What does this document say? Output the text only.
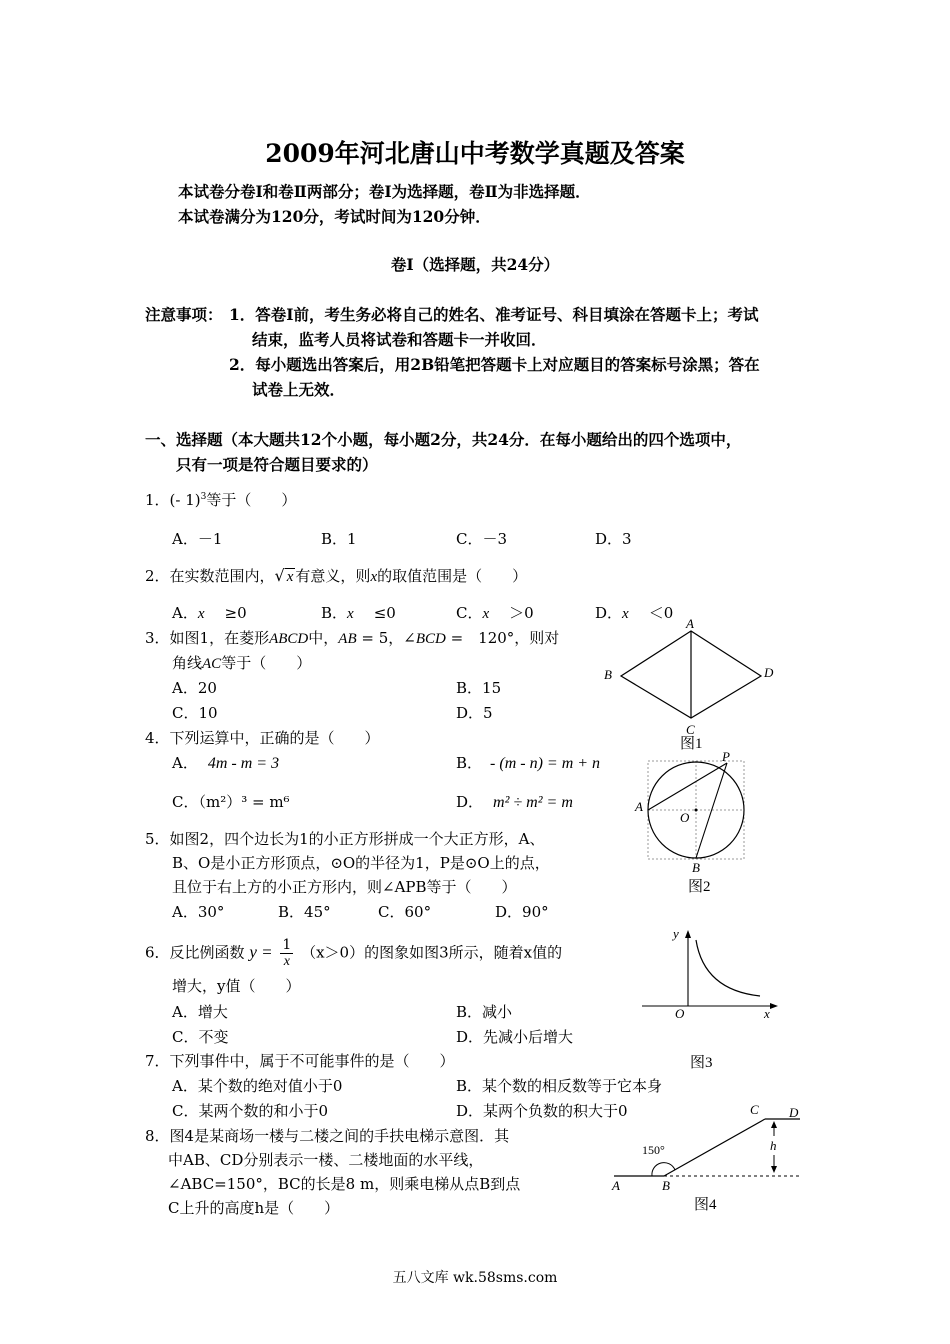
2009年河北唐山中考数学真题及答案
本试卷分卷Ⅰ和卷Ⅱ两部分；卷Ⅰ为选择题，卷Ⅱ为非选择题．
本试卷满分为120分，考试时间为120分钟．
卷Ⅰ（选择题，共24分）
注意事项： 1．答卷Ⅰ前，考生务必将自己的姓名、准考证号、科目填涂在答题卡上；考试
结束，监考人员将试卷和答题卡一并收回．
2．每小题选出答案后，用2B铅笔把答题卡上对应题目的答案标号涂黑；答在
试卷上无效．
一、选择题（本大题共12个小题，每小题2分，共24分．在每小题给出的四个选项中，
只有一项是符合题目要求的）
1．(- 1)$^3$等于（　　）
A．－1	B．1	C．－3	D．3
2．在实数范围内，√ x 有意义，则x的取值范围是（　　）
A．x ≥0	B．x ≤0	C．x ＞0	D．x ＜0
3．如图1，在菱形ABCD中，AB = 5，∠BCD =　120°，则对
角线AC等于（　　）
A．20	B．15
C．10	D．5
4．下列运算中，正确的是（　　）
A． 4m - m = 3	B． - (m - n) = m + n
C．（m²）³ = m⁶	D． m² ÷ m² = m
5．如图2，四个边长为1的小正方形拼成一个大正方形，A、
B、O是小正方形顶点，⊙O的半径为1，P是⊙O上的点，
且位于右上方的小正方形内，则∠APB等于（　　）
A．30°	B．45°	C．60°	D．90°
6．反比例函数 $y = \frac{1}{x} (x>0)$的图象如图3所示，随着x值的
增大，y值（　　）
A．增大	B．减小
C．不变	D．先减小后增大
7．下列事件中，属于不可能事件的是（　　）
A．某个数的绝对值小于0	B．某个数的相反数等于它本身
C．某两个数的和小于0	D．某两个负数的积大于0
8．图4是某商场一楼与二楼之间的手扶电梯示意图．其
中AB、CD分别表示一楼、二楼地面的水平线，
∠ABC=150°，BC的长是8 m，则乘电梯从点B到点
C上升的高度h是（　　）
A
B
C
D
图1
P
A
O
B
图2
y
O	x
图3
C D
h
150°
A	B
图4
五八文库 wk.58sms.com
